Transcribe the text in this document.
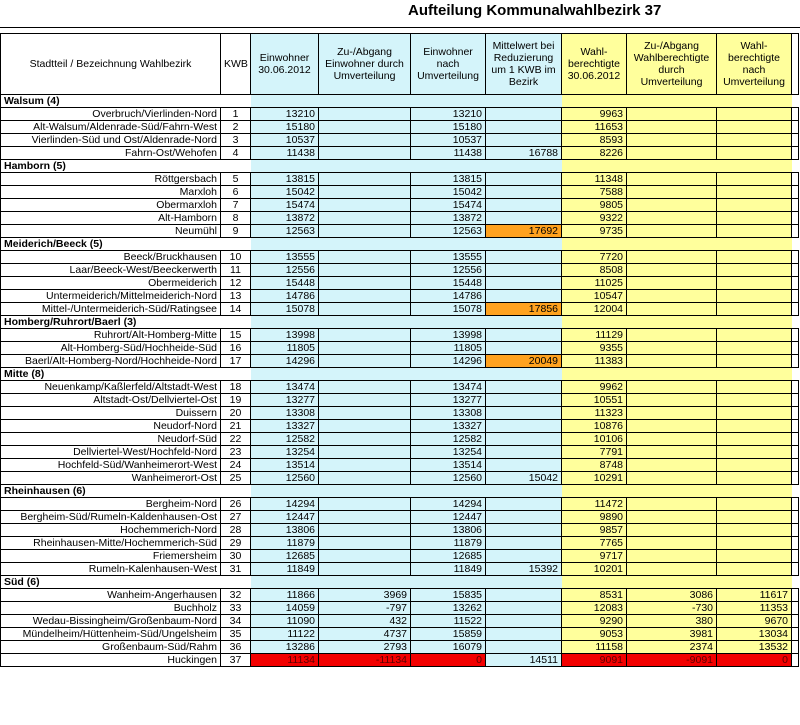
Aufteilung Kommunalwahlbezirk 37
Stadtteil / Bezeichnung Wahlbezirk	KWB	Einwohner 30.06.2012	Zu-/Abgang Einwohner durch Umverteilung	Einwohner nach Umverteilung	Mittelwert bei Reduzierung um 1 KWB im Bezirk	Wahl-berechtigte 30.06.2012	Zu-/Abgang Wahlberechtigte durch Umverteilung	Wahl-berechtigte nach Umverteilung	
Walsum (4)									
Overbruch/Vierlinden-Nord	1	13210		13210		9963			
Alt-Walsum/Aldenrade-Süd/Fahrn-West	2	15180		15180		11653			
Vierlinden-Süd und Ost/Aldenrade-Nord	3	10537		10537		8593			
Fahrn-Ost/Wehofen	4	11438		11438	16788	8226			
Hamborn (5)									
Röttgersbach	5	13815		13815		11348			
Marxloh	6	15042		15042		7588			
Obermarxloh	7	15474		15474		9805			
Alt-Hamborn	8	13872		13872		9322			
Neumühl	9	12563		12563	17692	9735			
Meiderich/Beeck (5)									
Beeck/Bruckhausen	10	13555		13555		7720			
Laar/Beeck-West/Beeckerwerth	11	12556		12556		8508			
Obermeiderich	12	15448		15448		11025			
Untermeiderich/Mittelmeiderich-Nord	13	14786		14786		10547			
Mittel-/Untermeiderich-Süd/Ratingsee	14	15078		15078	17856	12004			
Homberg/Ruhrort/Baerl (3)									
Ruhrort/Alt-Homberg-Mitte	15	13998		13998		11129			
Alt-Homberg-Süd/Hochheide-Süd	16	11805		11805		9355			
Baerl/Alt-Homberg-Nord/Hochheide-Nord	17	14296		14296	20049	11383			
Mitte (8)									
Neuenkamp/Kaßlerfeld/Altstadt-West	18	13474		13474		9962			
Altstadt-Ost/Dellviertel-Ost	19	13277		13277		10551			
Duissern	20	13308		13308		11323			
Neudorf-Nord	21	13327		13327		10876			
Neudorf-Süd	22	12582		12582		10106			
Dellviertel-West/Hochfeld-Nord	23	13254		13254		7791			
Hochfeld-Süd/Wanheimerort-West	24	13514		13514		8748			
Wanheimerort-Ost	25	12560		12560	15042	10291			
Rheinhausen (6)									
Bergheim-Nord	26	14294		14294		11472			
Bergheim-Süd/Rumeln-Kaldenhausen-Ost	27	12447		12447		9890			
Hochemmerich-Nord	28	13806		13806		9857			
Rheinhausen-Mitte/Hochemmerich-Süd	29	11879		11879		7765			
Friemersheim	30	12685		12685		9717			
Rumeln-Kalenhausen-West	31	11849		11849	15392	10201			
Süd (6)									
Wanheim-Angerhausen	32	11866	3969	15835		8531	3086	11617	
Buchholz	33	14059	-797	13262		12083	-730	11353	
Wedau-Bissingheim/Großenbaum-Nord	34	11090	432	11522		9290	380	9670	
Mündelheim/Hüttenheim-Süd/Ungelsheim	35	11122	4737	15859		9053	3981	13034	
Großenbaum-Süd/Rahm	36	13286	2793	16079		11158	2374	13532	
Huckingen	37	11134	-11134	0	14511	9091	-9091	0	
